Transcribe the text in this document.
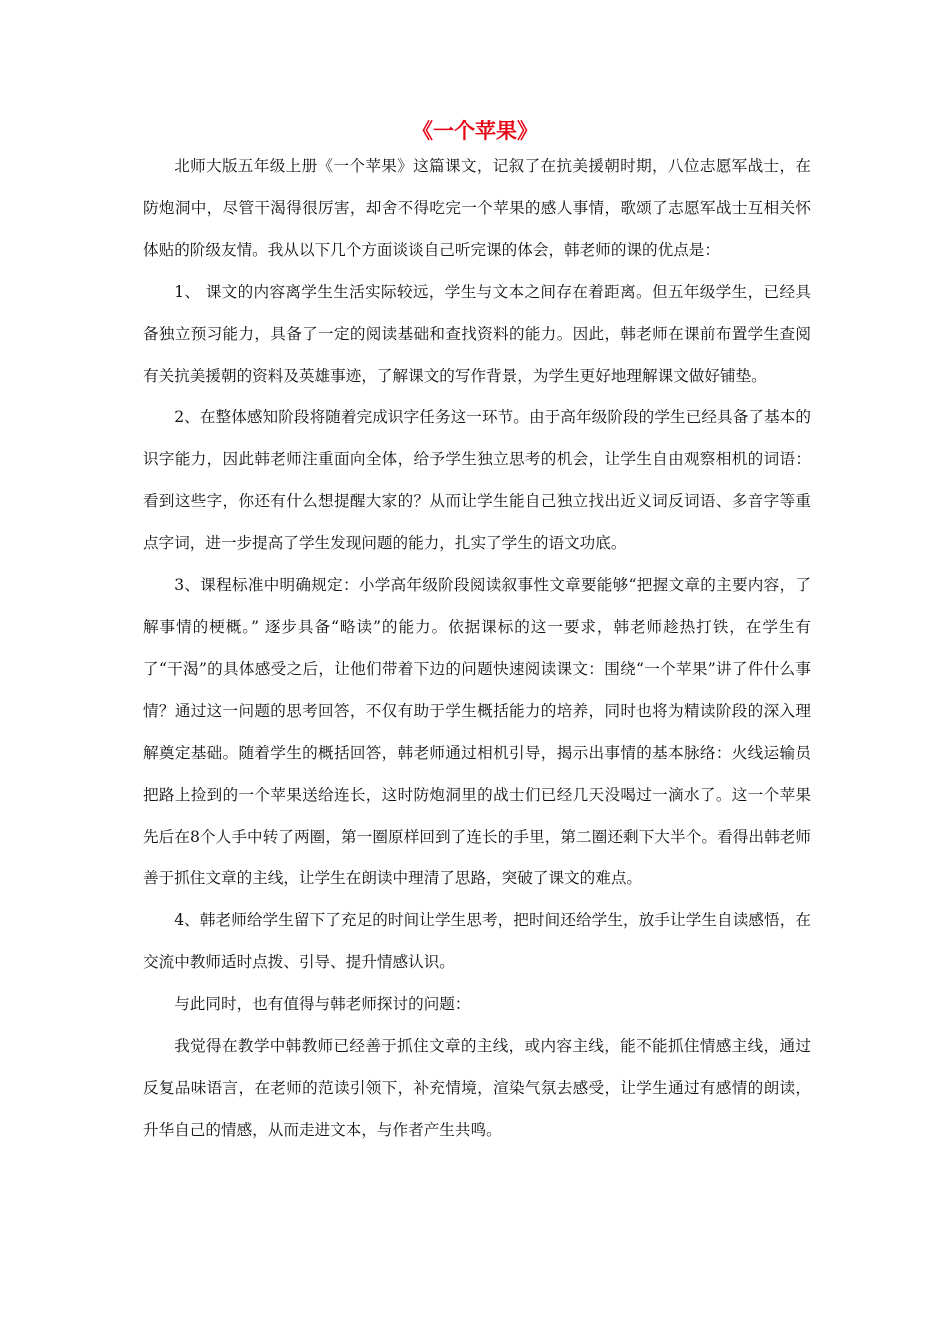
《一个苹果》

北师大版五年级上册《一个苹果》这篇课文，记叙了在抗美援朝时期，八位志愿军战士，在防炮洞中，尽管干渴得很厉害，却舍不得吃完一个苹果的感人事情，歌颂了志愿军战士互相关怀体贴的阶级友情。我从以下几个方面谈谈自己听完课的体会，韩老师的课的优点是：

1、 课文的内容离学生生活实际较远，学生与文本之间存在着距离。但五年级学生，已经具备独立预习能力，具备了一定的阅读基础和查找资料的能力。因此，韩老师在课前布置学生查阅有关抗美援朝的资料及英雄事迹，了解课文的写作背景，为学生更好地理解课文做好铺垫。

2、在整体感知阶段将随着完成识字任务这一环节。由于高年级阶段的学生已经具备了基本的识字能力，因此韩老师注重面向全体，给予学生独立思考的机会，让学生自由观察相机的词语：看到这些字，你还有什么想提醒大家的？从而让学生能自己独立找出近义词反词语、多音字等重点字词，进一步提高了学生发现问题的能力，扎实了学生的语文功底。

3、课程标准中明确规定：小学高年级阶段阅读叙事性文章要能够“把握文章的主要内容，了解事情的梗概。” 逐步具备“略读”的能力。依据课标的这一要求，韩老师趁热打铁，在学生有了“干渴”的具体感受之后，让他们带着下边的问题快速阅读课文：围绕“一个苹果”讲了件什么事情？通过这一问题的思考回答，不仅有助于学生概括能力的培养，同时也将为精读阶段的深入理解奠定基础。随着学生的概括回答，韩老师通过相机引导，揭示出事情的基本脉络：火线运输员把路上捡到的一个苹果送给连长，这时防炮洞里的战士们已经几天没喝过一滴水了。这一个苹果先后在8个人手中转了两圈，第一圈原样回到了连长的手里，第二圈还剩下大半个。看得出韩老师善于抓住文章的主线，让学生在朗读中理清了思路，突破了课文的难点。

4、韩老师给学生留下了充足的时间让学生思考，把时间还给学生，放手让学生自读感悟，在交流中教师适时点拨、引导、提升情感认识。

与此同时，也有值得与韩老师探讨的问题：

我觉得在教学中韩教师已经善于抓住文章的主线，或内容主线，能不能抓住情感主线，通过反复品味语言，在老师的范读引领下，补充情境，渲染气氛去感受，让学生通过有感情的朗读，升华自己的情感，从而走进文本，与作者产生共鸣。
